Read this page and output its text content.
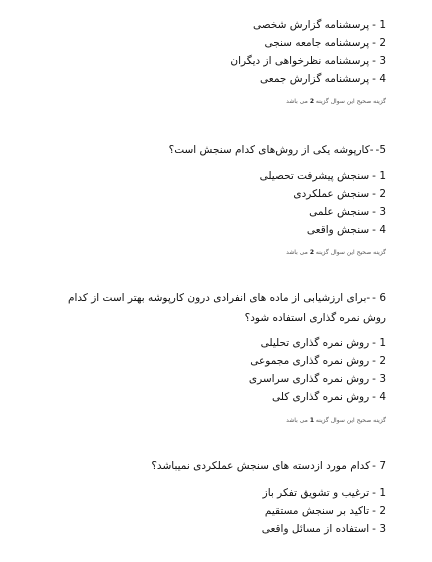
1 -پرسشنامه گزارش شخصی
2 -پرسشنامه جامعه سنجی
3 -پرسشنامه نظرخواهی از دیگران
4 -پرسشنامه گزارش جمعی
گزینه صحیح این سوال گزینه 2 می باشد

5--کارپوشه یکی از روش‌های کدام سنجش است؟

1 -سنجش پیشرفت تحصیلی
2 -سنجش عملکردی
3 -سنجش علمی
4 -سنجش واقعی
گزینه صحیح این سوال گزینه 2 می باشد

6 --برای ارزشیابی از ماده های انفرادی درون کارپوشه بهتر است از کدام روش نمره گذاری استفاده شود؟

1 -روش نمره گذاری تحلیلی
2 -روش نمره گذاری مجموعی
3 -روش نمره گذاری سراسری
4 -روش نمره گذاری کلی
گزینه صحیح این سوال گزینه 1 می باشد

7 -کدام مورد ازدسته های سنجش عملکردی نمیباشد؟

1 -ترغیب و تشویق تفکر باز
2 -تاکید بر سنجش مستقیم
3 -استفاده از مسائل واقعی
